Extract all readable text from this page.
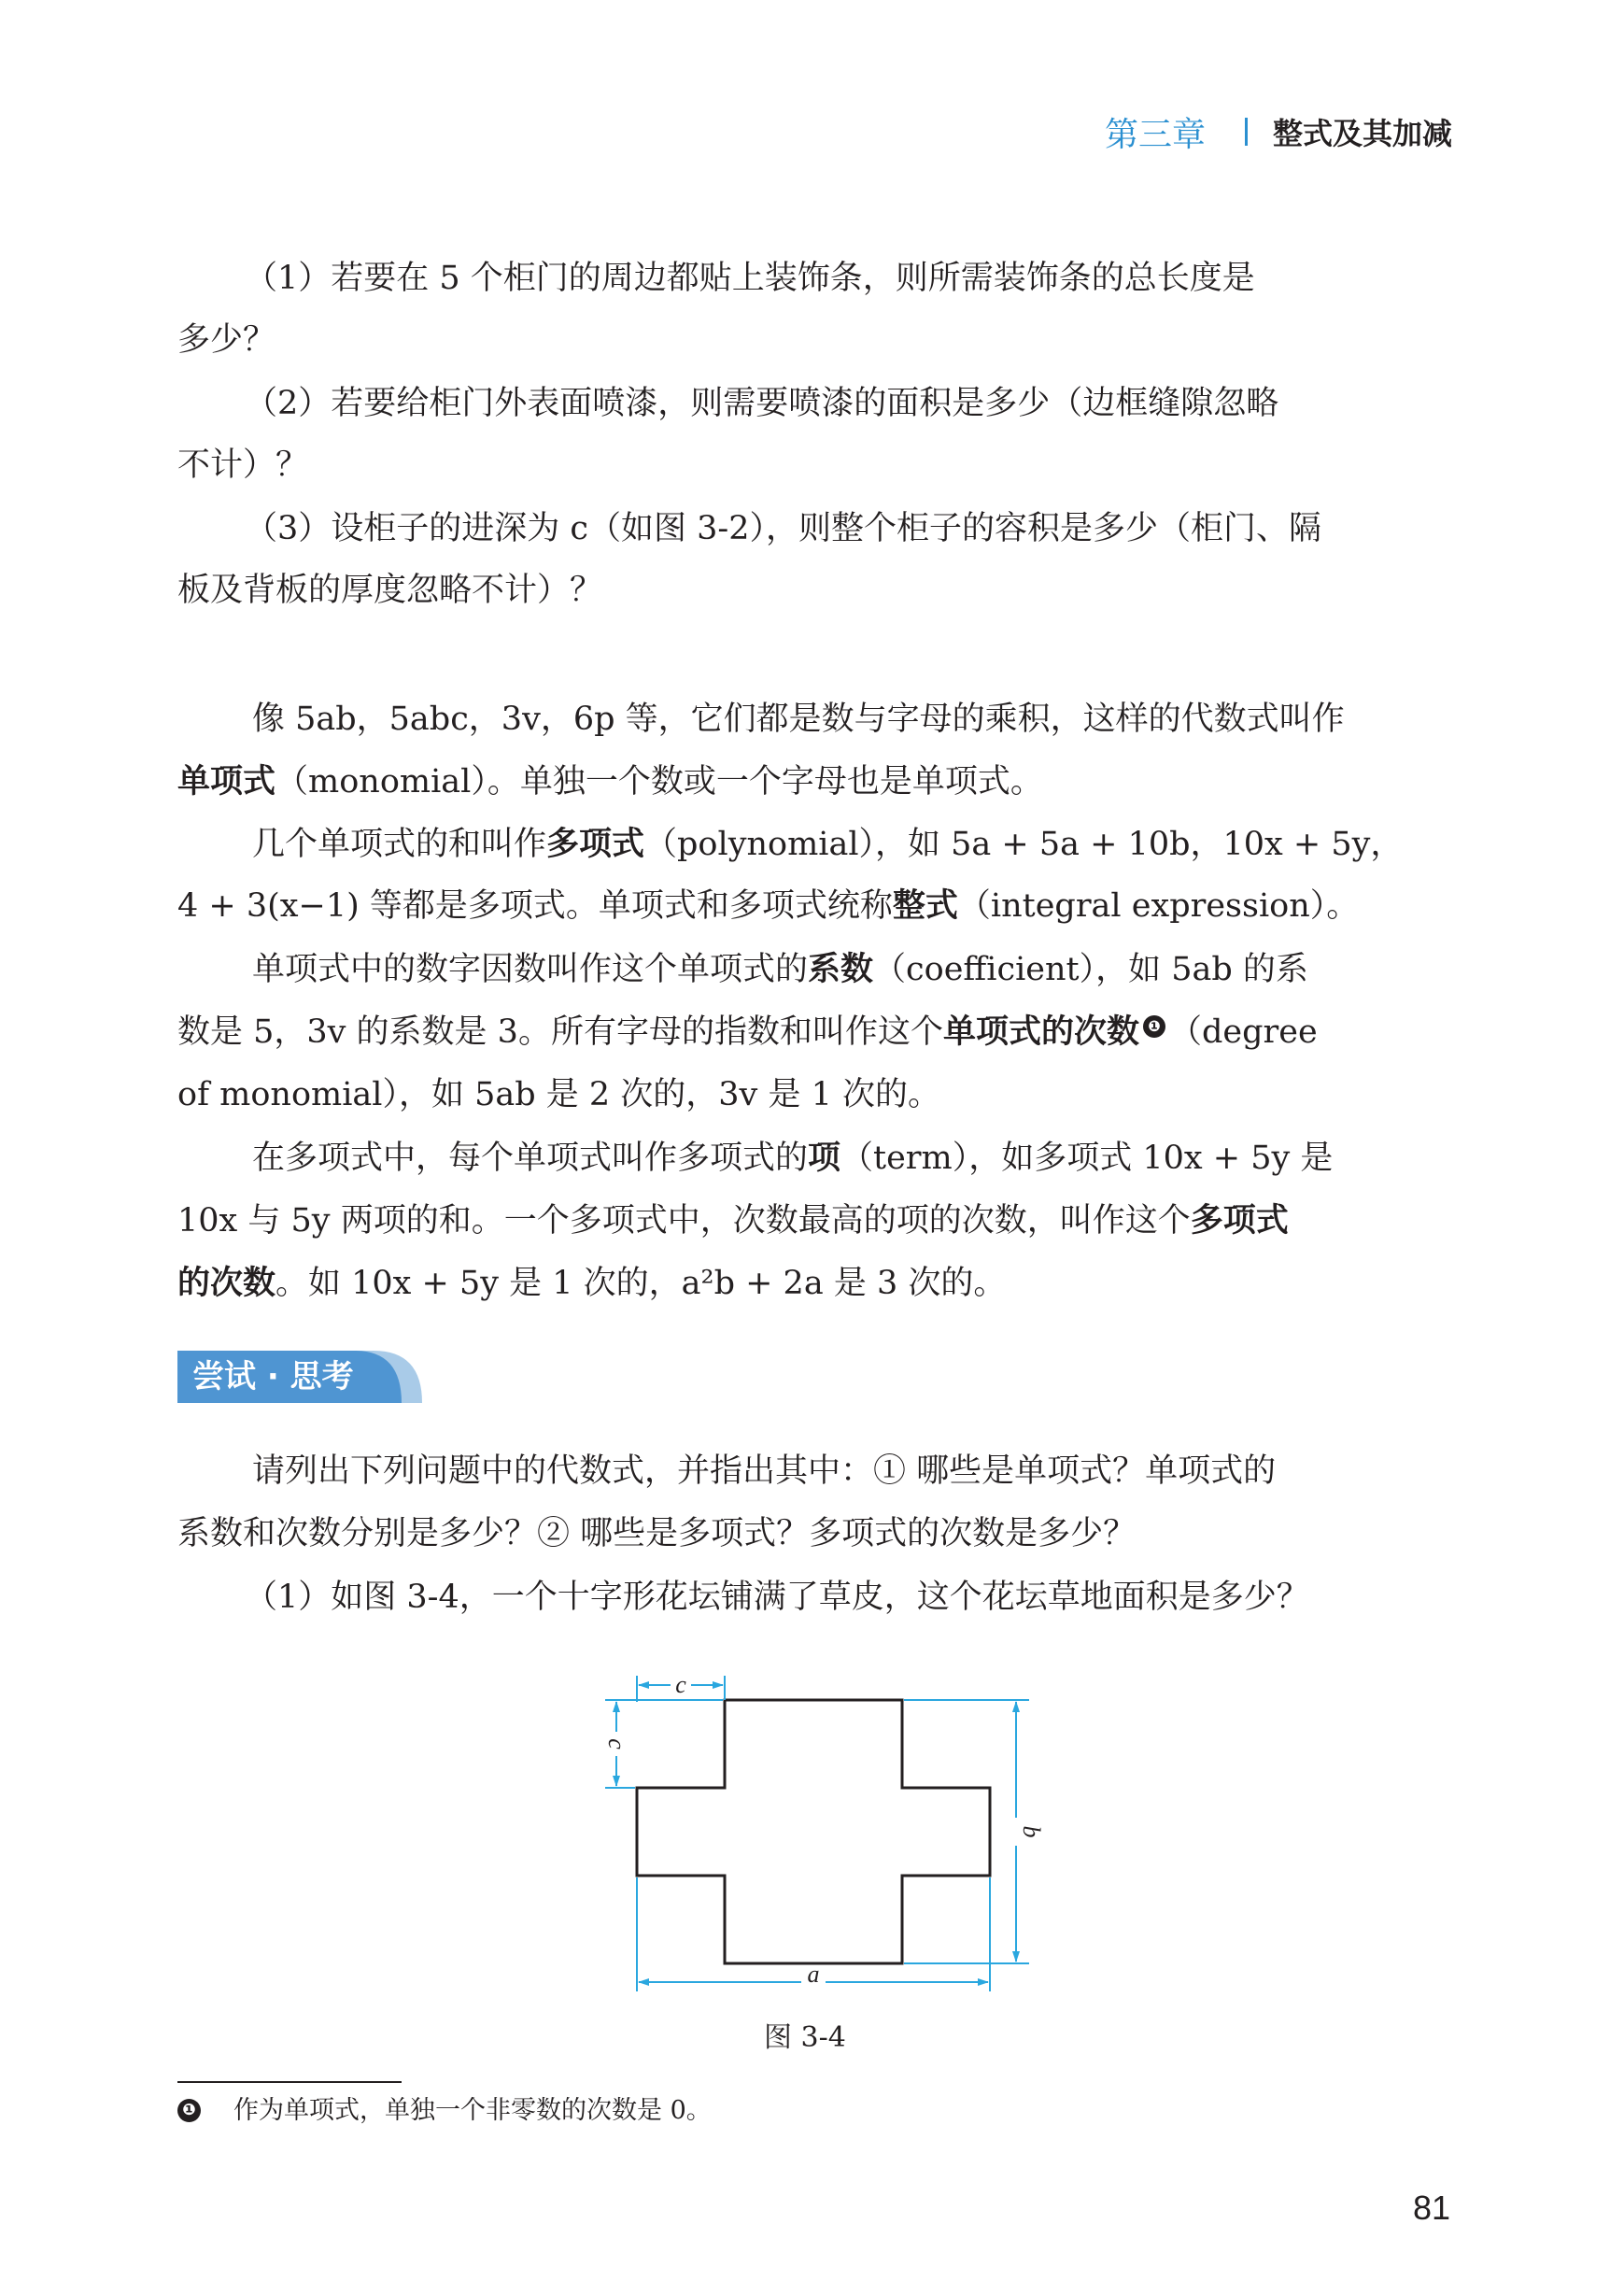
第三章 整式及其加减
（1）若要在 5 个柜门的周边都贴上装饰条，则所需装饰条的总长度是
多少？
（2）若要给柜门外表面喷漆，则需要喷漆的面积是多少（边框缝隙忽略
不计）？
（3）设柜子的进深为 c（如图 3-2），则整个柜子的容积是多少（柜门、隔
板及背板的厚度忽略不计）？
像 5ab，5abc，3v，6p 等，它们都是数与字母的乘积，这样的代数式叫作
单项式（monomial）。单独一个数或一个字母也是单项式。
几个单项式的和叫作多项式（polynomial），如 5a + 5a + 10b，10x + 5y，
4 + 3(x−1) 等都是多项式。单项式和多项式统称整式（integral expression）。
单项式中的数字因数叫作这个单项式的系数（coefficient），如 5ab 的系
数是 5，3v 的系数是 3。所有字母的指数和叫作这个单项式的次数 ❶ （degree
of monomial），如 5ab 是 2 次的，3v 是 1 次的。
在多项式中，每个单项式叫作多项式的项（term），如多项式 10x + 5y 是
10x 与 5y 两项的和。一个多项式中，次数最高的项的次数，叫作这个多项式
的次数。如 10x + 5y 是 1 次的，a²b + 2a 是 3 次的。
尝试 · 思考
请列出下列问题中的代数式，并指出其中：① 哪些是单项式？单项式的
系数和次数分别是多少？② 哪些是多项式？多项式的次数是多少？
（1）如图 3-4，一个十字形花坛铺满了草皮，这个花坛草地面积是多少？
c
c
b
a
图 3-4
❶ 作为单项式，单独一个非零数的次数是 0。
81
